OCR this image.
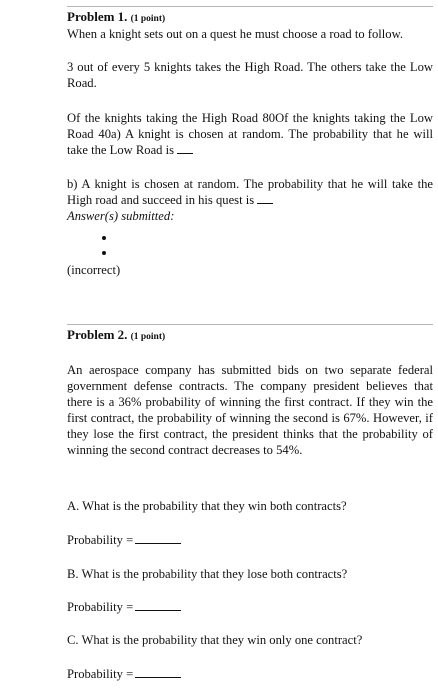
Problem 1. (1 point)

When a knight sets out on a quest he must choose a road to follow.

3 out of every 5 knights takes the High Road. The others take the Low Road.

Of the knights taking the High Road 80Of the knights taking the Low Road 40a) A knight is chosen at random. The probability that he will take the Low Road is

b) A knight is chosen at random. The probability that he will take the High road and succeed in his quest is

Answer(s) submitted:
(incorrect)
Problem 2. (1 point)

An aerospace company has submitted bids on two separate federal government defense contracts. The company president believes that there is a 36% probability of winning the first contract. If they win the first contract, the probability of winning the second is 67%. However, if they lose the first contract, the president thinks that the probability of winning the second contract decreases to 54%.

A. What is the probability that they win both contracts?
Probability =
B. What is the probability that they lose both contracts?
Probability =
C. What is the probability that they win only one contract?
Probability =
